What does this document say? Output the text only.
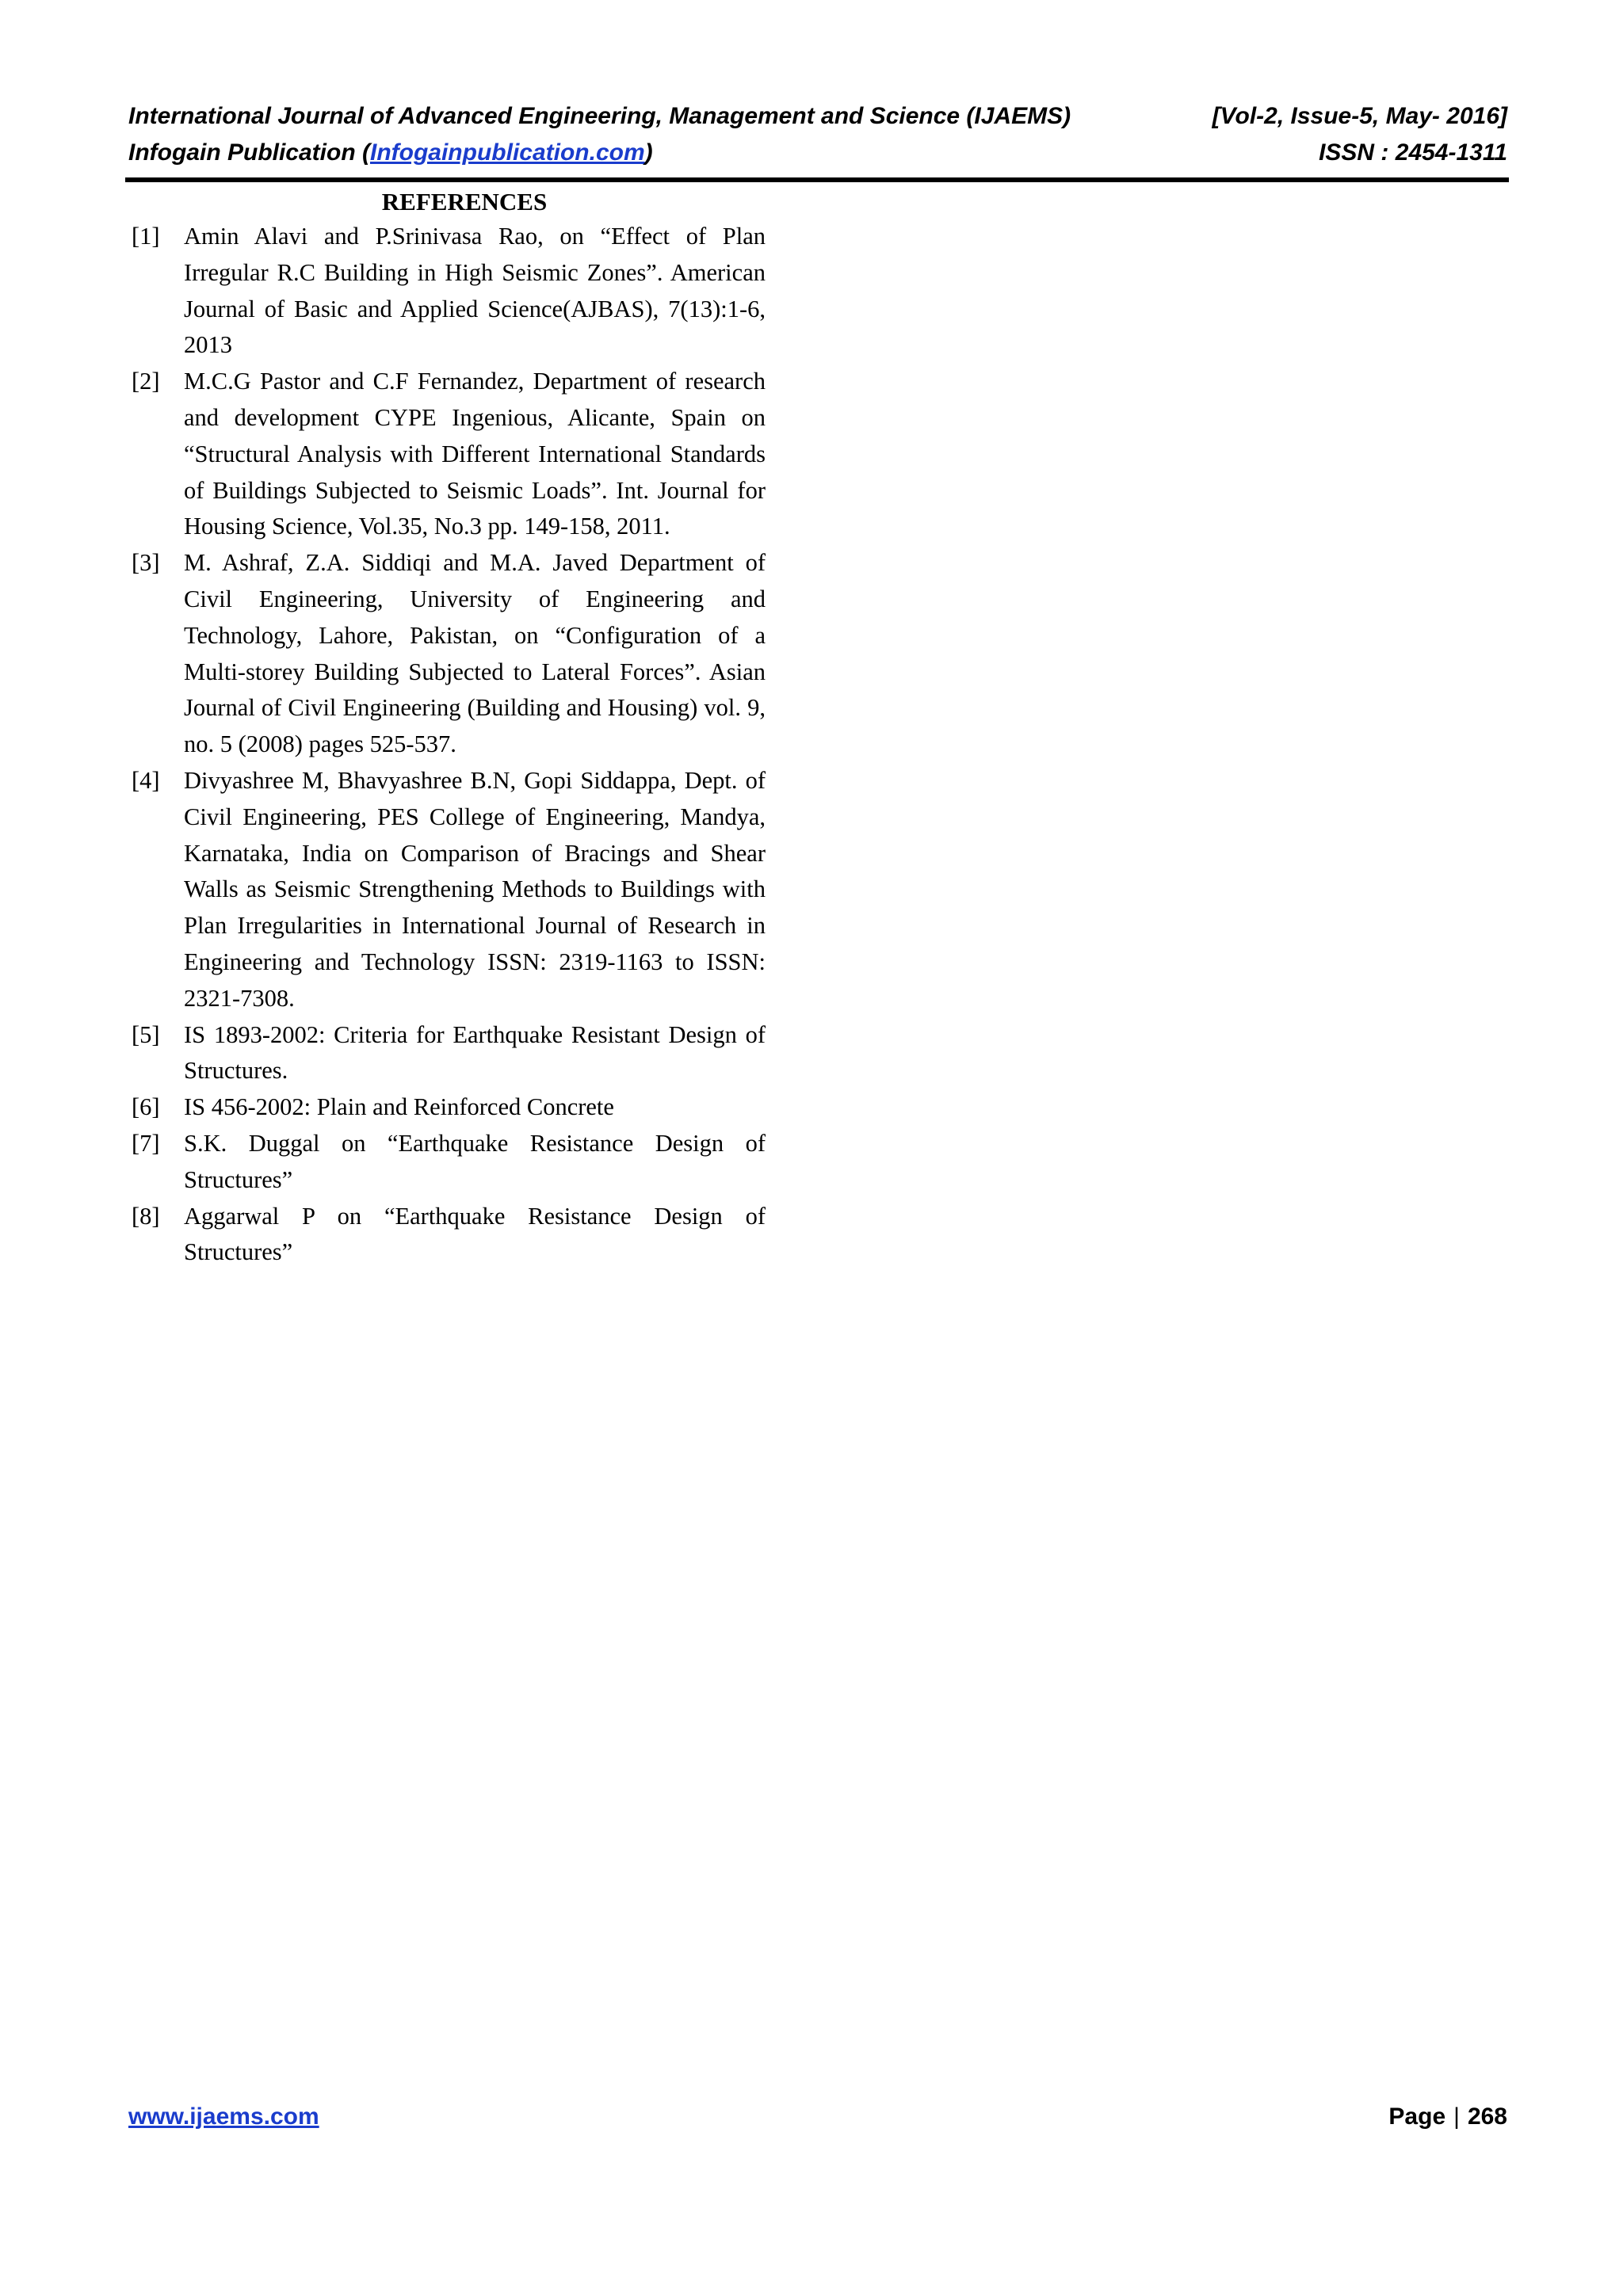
International Journal of Advanced Engineering, Management and Science (IJAEMS)	[Vol-2, Issue-5, May- 2016]
Infogain Publication (Infogainpublication.com)	ISSN : 2454-1311

REFERENCES

[1] Amin Alavi and P.Srinivasa Rao, on “Effect of Plan Irregular R.C Building in High Seismic Zones”. American Journal of Basic and Applied Science(AJBAS), 7(13):1-6, 2013
[2] M.C.G Pastor and C.F Fernandez, Department of research and development CYPE Ingenious, Alicante, Spain on “Structural Analysis with Different International Standards of Buildings Subjected to Seismic Loads”. Int. Journal for Housing Science, Vol.35, No.3 pp. 149-158, 2011.
[3] M. Ashraf, Z.A. Siddiqi and M.A. Javed Department of Civil Engineering, University of Engineering and Technology, Lahore, Pakistan, on “Configuration of a Multi-storey Building Subjected to Lateral Forces”. Asian Journal of Civil Engineering (Building and Housing) vol. 9, no. 5 (2008) pages 525-537.
[4] Divyashree M, Bhavyashree B.N, Gopi Siddappa, Dept. of Civil Engineering, PES College of Engineering, Mandya, Karnataka, India on Comparison of Bracings and Shear Walls as Seismic Strengthening Methods to Buildings with Plan Irregularities in International Journal of Research in Engineering and Technology ISSN: 2319-1163 to ISSN: 2321-7308.
[5] IS 1893-2002: Criteria for Earthquake Resistant Design of Structures.
[6] IS 456-2002: Plain and Reinforced Concrete
[7] S.K. Duggal on “Earthquake Resistance Design of Structures”
[8] Aggarwal P on “Earthquake Resistance Design of Structures”
www.ijaems.com	Page | 268
